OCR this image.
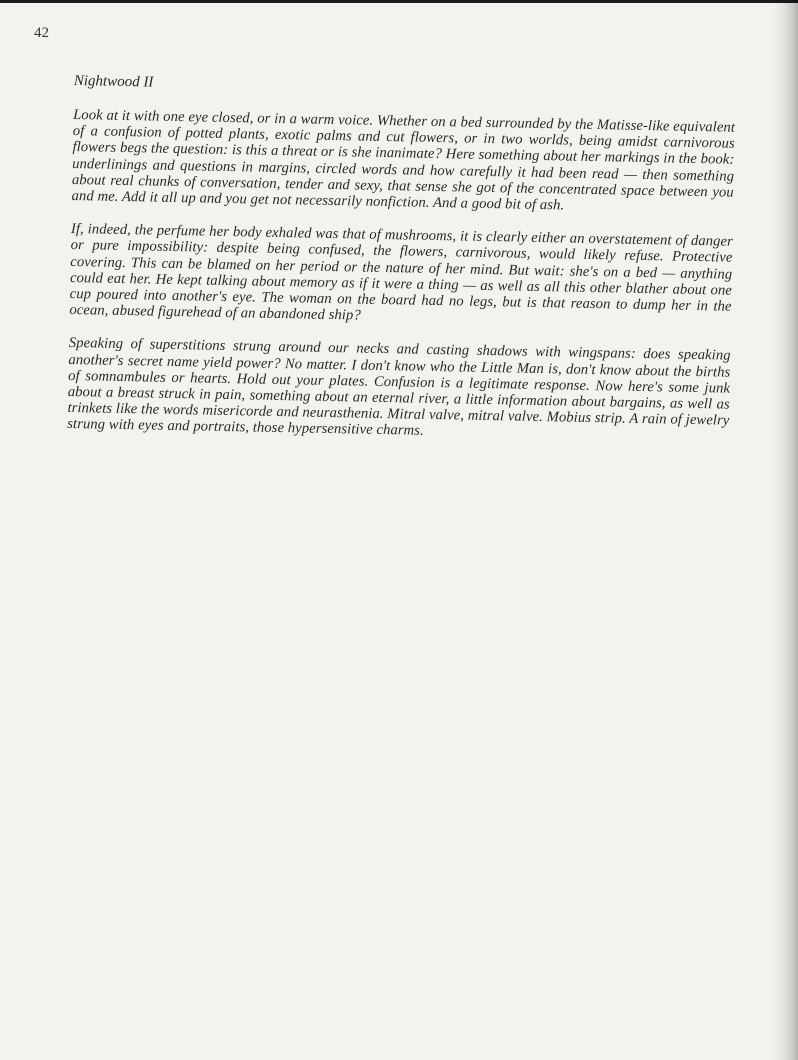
42
Nightwood II

Look at it with one eye closed, or in a warm voice. Whether on a bed surrounded by the Matisse-like equivalent of a confusion of potted plants, exotic palms and cut flowers, or in two worlds, being amidst carnivorous flowers begs the question: is this a threat or is she inanimate? Here something about her markings in the book: underlinings and questions in margins, circled words and how carefully it had been read — then something about real chunks of conversation, tender and sexy, that sense she got of the concentrated space between you and me. Add it all up and you get not necessarily nonfiction. And a good bit of ash.

If, indeed, the perfume her body exhaled was that of mushrooms, it is clearly either an overstatement of danger or pure impossibility: despite being confused, the flowers, carnivorous, would likely refuse. Protective covering. This can be blamed on her period or the nature of her mind. But wait: she's on a bed — anything could eat her. He kept talking about memory as if it were a thing — as well as all this other blather about one cup poured into another's eye. The woman on the board had no legs, but is that reason to dump her in the ocean, abused figurehead of an abandoned ship?

Speaking of superstitions strung around our necks and casting shadows with wingspans: does speaking another's secret name yield power? No matter. I don't know who the Little Man is, don't know about the births of somnambules or hearts. Hold out your plates. Confusion is a legitimate response. Now here's some junk about a breast struck in pain, something about an eternal river, a little information about bargains, as well as trinkets like the words misericorde and neurasthenia. Mitral valve, mitral valve. Mobius strip. A rain of jewelry strung with eyes and portraits, those hypersensitive charms.
